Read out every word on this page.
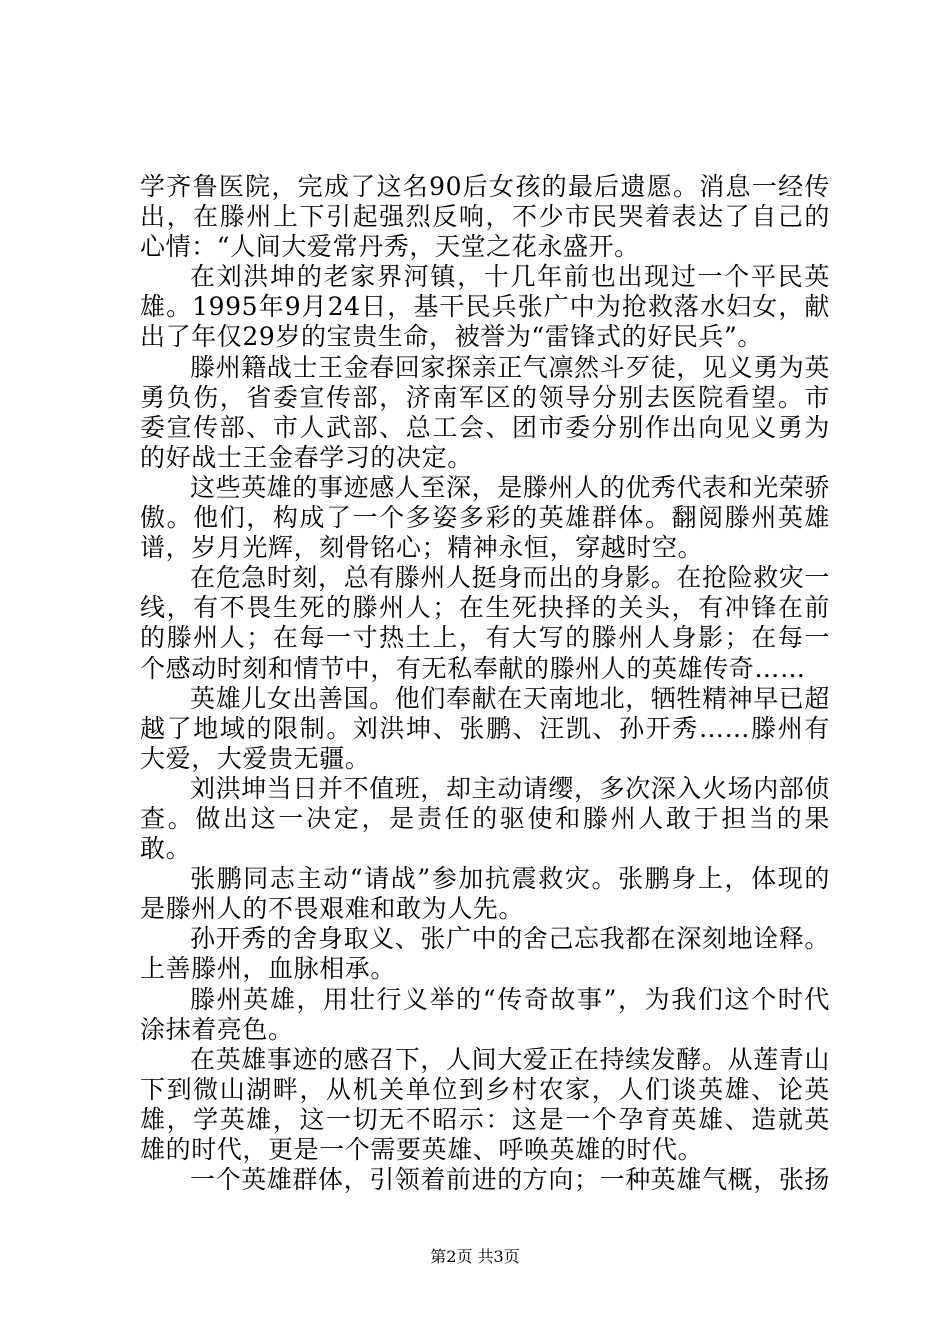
学齐鲁医院，完成了这名90后女孩的最后遗愿。消息一经传出，在滕州上下引起强烈反响，不少市民哭着表达了自己的心情：“人间大爱常丹秀，天堂之花永盛开。

在刘洪坤的老家界河镇，十几年前也出现过一个平民英雄。1995年9月24日，基干民兵张广中为抢救落水妇女，献出了年仅29岁的宝贵生命，被誉为“雷锋式的好民兵”。

滕州籍战士王金春回家探亲正气凛然斗歹徒，见义勇为英勇负伤，省委宣传部，济南军区的领导分别去医院看望。市委宣传部、市人武部、总工会、团市委分别作出向见义勇为的好战士王金春学习的决定。

这些英雄的事迹感人至深，是滕州人的优秀代表和光荣骄傲。他们，构成了一个多姿多彩的英雄群体。翻阅滕州英雄谱，岁月光辉，刻骨铭心；精神永恒，穿越时空。

在危急时刻，总有滕州人挺身而出的身影。在抢险救灾一线，有不畏生死的滕州人；在生死抉择的关头，有冲锋在前的滕州人；在每一寸热土上，有大写的滕州人身影；在每一个感动时刻和情节中，有无私奉献的滕州人的英雄传奇……

英雄儿女出善国。他们奉献在天南地北，牺牲精神早已超越了地域的限制。刘洪坤、张鹏、汪凯、孙开秀……滕州有大爱，大爱贵无疆。

刘洪坤当日并不值班，却主动请缨，多次深入火场内部侦查。做出这一决定，是责任的驱使和滕州人敢于担当的果敢。

张鹏同志主动“请战”参加抗震救灾。张鹏身上，体现的是滕州人的不畏艰难和敢为人先。

孙开秀的舍身取义、张广中的舍己忘我都在深刻地诠释。上善滕州，血脉相承。

滕州英雄，用壮行义举的“传奇故事”，为我们这个时代涂抹着亮色。

在英雄事迹的感召下，人间大爱正在持续发酵。从莲青山下到微山湖畔，从机关单位到乡村农家，人们谈英雄、论英雄，学英雄，这一切无不昭示：这是一个孕育英雄、造就英雄的时代，更是一个需要英雄、呼唤英雄的时代。

一个英雄群体，引领着前进的方向；一种英雄气概，张扬

第2页 共3页
